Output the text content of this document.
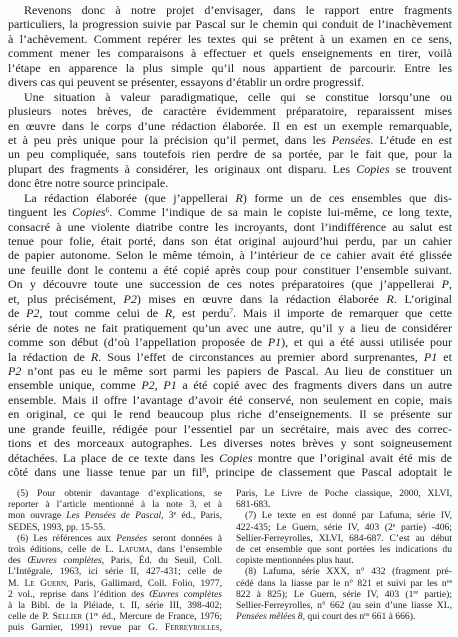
Revenons donc à notre projet d’envisager, dans le rapport entre fragments
particuliers, la progression suivie par Pascal sur le chemin qui conduit de l’inachèvement
à l’achèvement. Comment repérer les textes qui se prêtent à un examen en ce sens,
comment mener les comparaisons à effectuer et quels enseignements en tirer, voilà
l’étape en apparence la plus simple qu’il nous appartient de parcourir. Entre les
divers cas qui peuvent se présenter, essayons d’établir un ordre progressif.
Une situation à valeur paradigmatique, celle qui se constitue lorsqu’une ou
plusieurs notes brèves, de caractère évidemment préparatoire, reparaissent mises
en œuvre dans le corps d’une rédaction élaborée. Il en est un exemple remarquable,
et à peu près unique pour la précision qu’il permet, dans les Pensées. L’étude en est
un peu compliquée, sans toutefois rien perdre de sa portée, par le fait que, pour la
plupart des fragments à considérer, les originaux ont disparu. Les Copies se trouvent
donc être notre source principale.
La rédaction élaborée (que j’appellerai R) forme un de ces ensembles que dis-
tinguent les Copies$^6$. Comme l’indique de sa main le copiste lui-même, ce long texte,
consacré à une violente diatribe contre les incroyants, dont l’indifférence au salut est
tenue pour folie, était porté, dans son état original aujourd’hui perdu, par un cahier
de papier autonome. Selon le même témoin, à l’intérieur de ce cahier avait été glissée
une feuille dont le contenu a été copié après coup pour constituer l’ensemble suivant.
On y découvre toute une succession de ces notes préparatoires (que j’appellerai P,
et, plus précisément, P2) mises en œuvre dans la rédaction élaborée R. L’original
de P2, tout comme celui de R, est perdu$^7$. Mais il importe de remarquer que cette
série de notes ne fait pratiquement qu’un avec une autre, qu’il y a lieu de considérer
comme son début (d’où l’appellation proposée de P1), et qui a été aussi utilisée pour
la rédaction de R. Sous l’effet de circonstances au premier abord surprenantes, P1 et
P2 n’ont pas eu le même sort parmi les papiers de Pascal. Au lieu de constituer un
ensemble unique, comme P2, P1 a été copié avec des fragments divers dans un autre
ensemble. Mais il offre l’avantage d’avoir été conservé, non seulement en copie, mais
en original, ce qui le rend beaucoup plus riche d’enseignements. Il se présente sur
une grande feuille, rédigée pour l’essentiel par un secrétaire, mais avec des correc-
tions et des morceaux autographes. Les diverses notes brèves y sont soigneusement
détachées. La place de ce texte dans les Copies montre que l’original avait été mis de
côté dans une liasse tenue par un fil$^8$, principe de classement que Pascal adoptait le
(5) Pour obtenir davantage d’explications, se
reporter à l’article mentionné à la note 3, et à
mon ouvrage Les Pensées de Pascal, 3e éd., Paris,
SEDES, 1993, pp. 15-55.
(6) Les références aux Pensées seront données à
trois éditions, celle de L. Lafuma, dans l’ensemble
des Œuvres complètes, Paris, Éd. du Seuil, Coll.
L’Intégrale, 1963, ici série II, 427-431; celle de
M. Le Guern, Paris, Gallimard, Coll. Folio, 1977,
2 vol., reprise dans l’édition des Œuvres complètes
à la Bibl. de la Pléiade, t. II, série III, 398-402;
celle de P. Sellier (1re éd., Mercure de France, 1976;
puis Garnier, 1991) revue par G. Ferreyrolles,
Paris, Le Livre de Poche classique, 2000, XLVI,
681-683.
(7) Le texte en est donné par Lafuma, série IV,
422-435; Le Guern, série IV, 403 (2e partie) -406;
Sellier-Ferreyrolles, XLVI, 684-687. C’est au début
de cet ensemble que sont portées les indications du
copiste mentionnées plus haut.
(8) Lafuma, série XXX, n° 432 (fragment pré-
cédé dans la liasse par le n° 821 et suivi par les $n^{os}$
822 à 825); Le Guern, série IV, 403 (1re partie);
Sellier-Ferreyrolles, n° 662 (au sein d’une liasse XL,
Pensées mêlées 8, qui court des $n^{os}$ 661 à 666).
